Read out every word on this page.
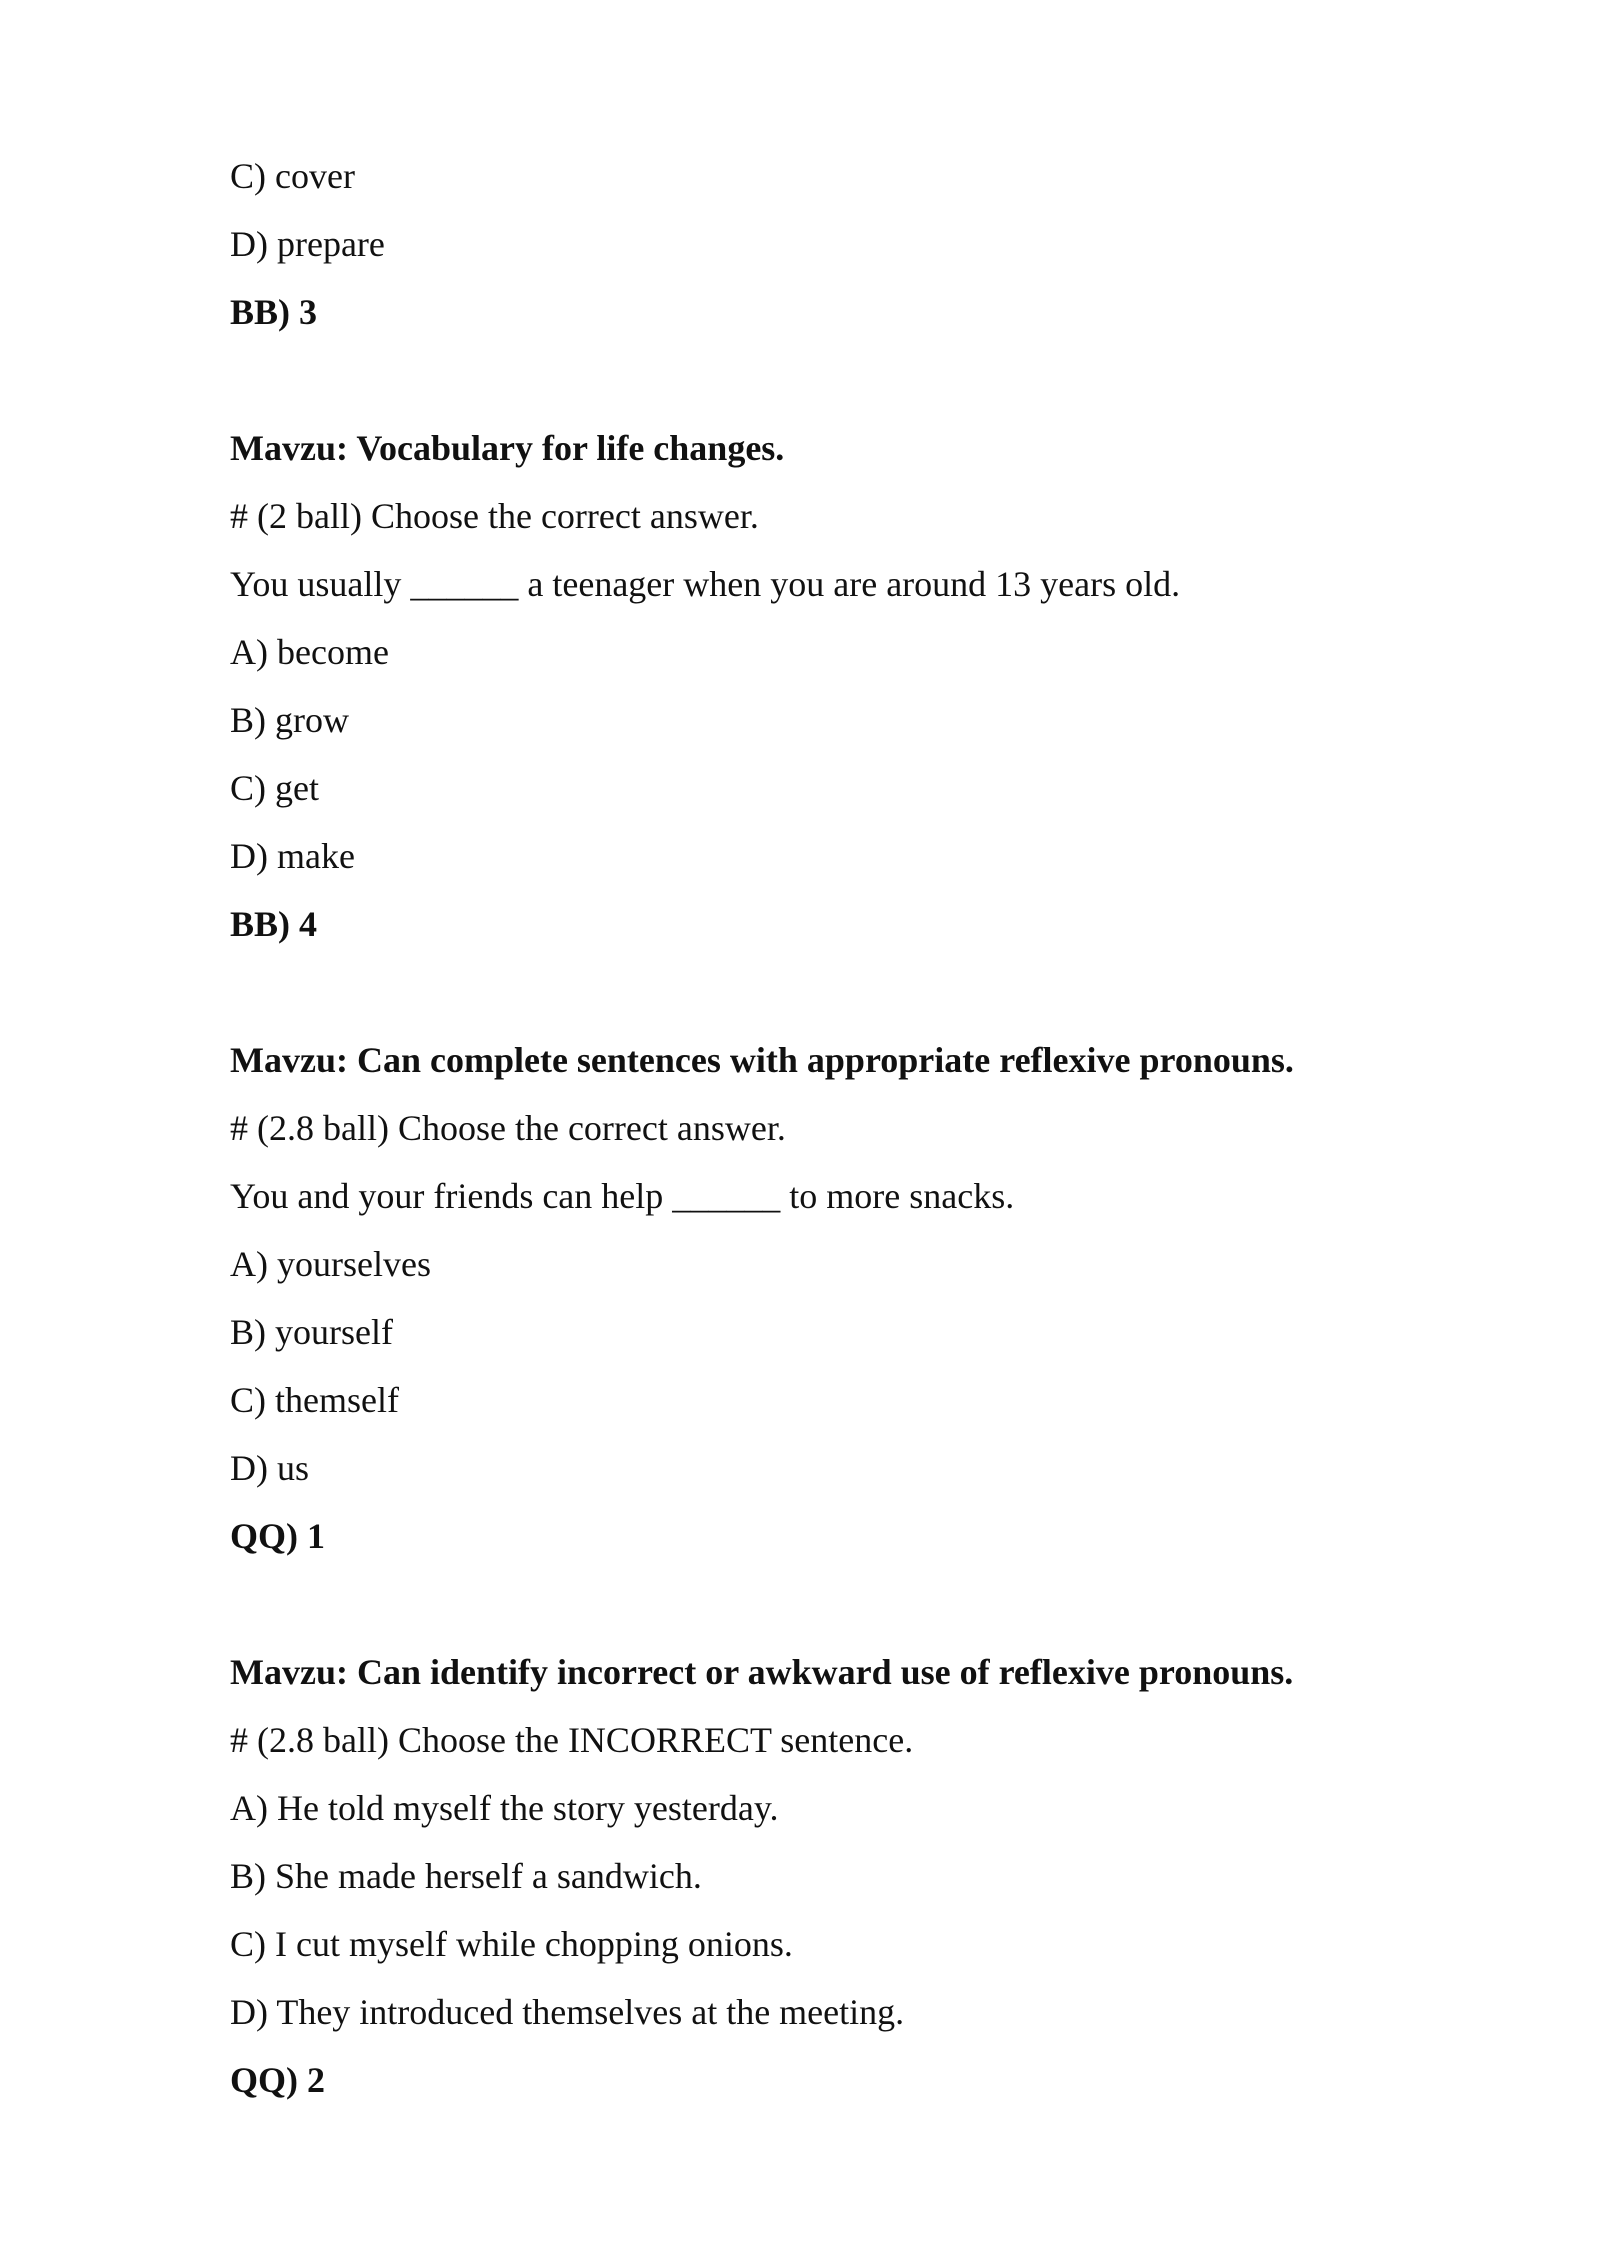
C) cover
D) prepare
BB) 3
Mavzu: Vocabulary for life changes.
# (2 ball) Choose the correct answer.
You usually ______ a teenager when you are around 13 years old.
A) become
B) grow
C) get
D) make
BB) 4
Mavzu: Can complete sentences with appropriate reflexive pronouns.
# (2.8 ball) Choose the correct answer.
You and your friends can help ______ to more snacks.
A) yourselves
B) yourself
C) themself
D) us
QQ) 1
Mavzu: Can identify incorrect or awkward use of reflexive pronouns.
# (2.8 ball) Choose the INCORRECT sentence.
A) He told myself the story yesterday.
B) She made herself a sandwich.
C) I cut myself while chopping onions.
D) They introduced themselves at the meeting.
QQ) 2
